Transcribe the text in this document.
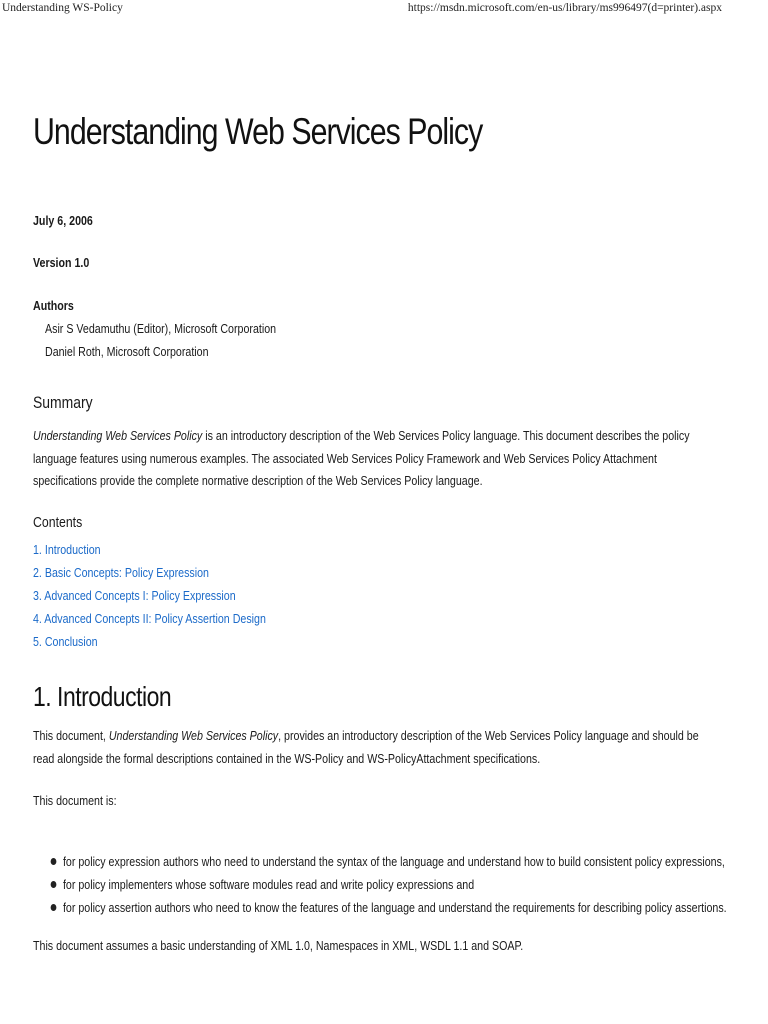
Understanding WS-Policy	https://msdn.microsoft.com/en-us/library/ms996497(d=printer).aspx
Understanding Web Services Policy
July 6, 2006
Version 1.0
Authors
Asir S Vedamuthu (Editor), Microsoft Corporation
Daniel Roth, Microsoft Corporation
Summary

Understanding Web Services Policy is an introductory description of the Web Services Policy language. This document describes the policy language features using numerous examples. The associated Web Services Policy Framework and Web Services Policy Attachment specifications provide the complete normative description of the Web Services Policy language.

Contents
1. Introduction
2. Basic Concepts: Policy Expression
3. Advanced Concepts I: Policy Expression
4. Advanced Concepts II: Policy Assertion Design
5. Conclusion
1. Introduction

This document, Understanding Web Services Policy, provides an introductory description of the Web Services Policy language and should be read alongside the formal descriptions contained in the WS-Policy and WS-PolicyAttachment specifications.

This document is:
for policy expression authors who need to understand the syntax of the language and understand how to build consistent policy expressions,
for policy implementers whose software modules read and write policy expressions and
for policy assertion authors who need to know the features of the language and understand the requirements for describing policy assertions.
This document assumes a basic understanding of XML 1.0, Namespaces in XML, WSDL 1.1 and SOAP.
